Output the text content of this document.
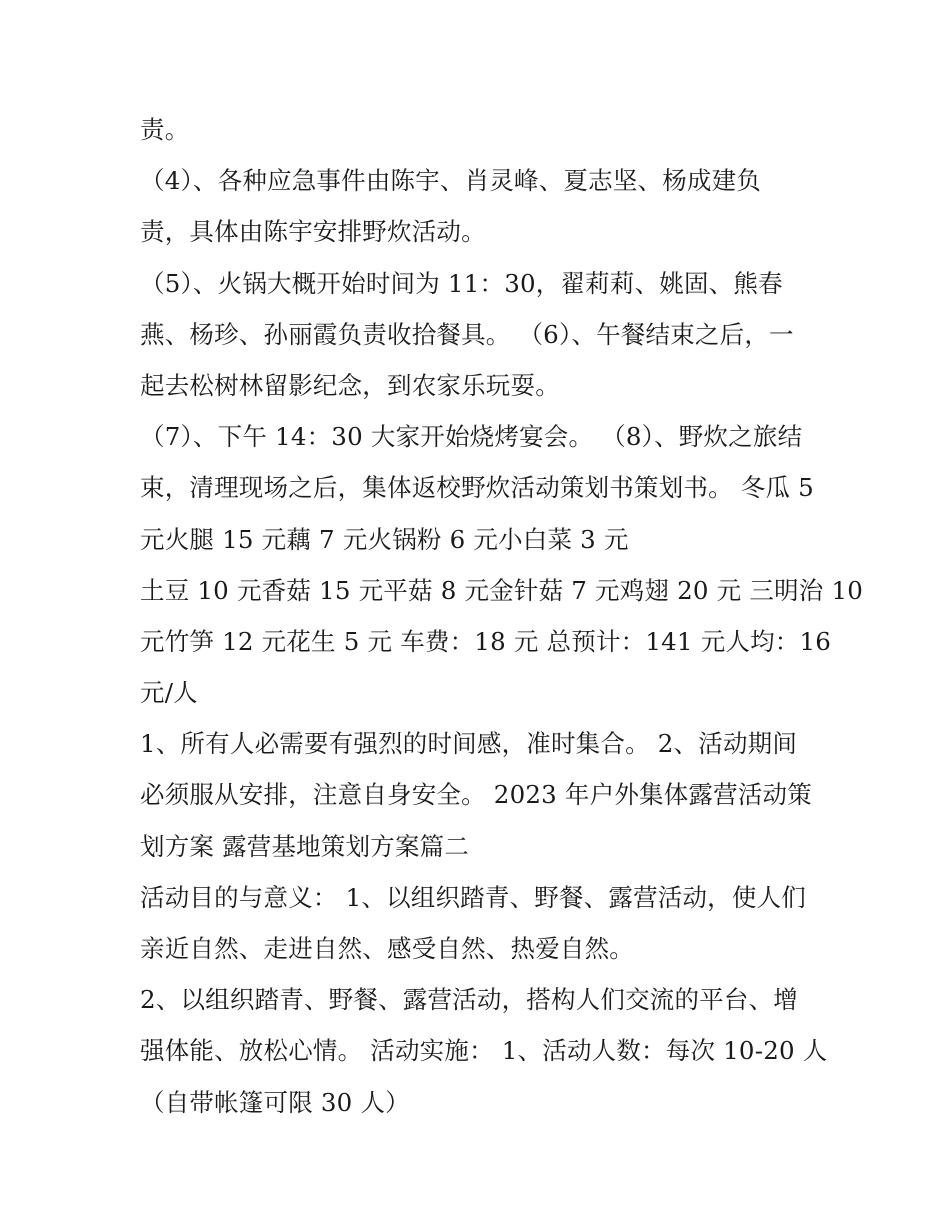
责。
（4）、各种应急事件由陈宇、肖灵峰、夏志坚、杨成建负
责，具体由陈宇安排野炊活动。
（5）、火锅大概开始时间为 11：30，翟莉莉、姚固、熊春
燕、杨珍、孙丽霞负责收拾餐具。 （6）、午餐结束之后，一
起去松树林留影纪念，到农家乐玩耍。
（7）、下午 14：30 大家开始烧烤宴会。 （8）、野炊之旅结
束，清理现场之后，集体返校野炊活动策划书策划书。 冬瓜 5
元火腿 15 元藕 7 元火锅粉 6 元小白菜 3 元
土豆 10 元香菇 15 元平菇 8 元金针菇 7 元鸡翅 20 元 三明治 10
元竹笋 12 元花生 5 元 车费：18 元 总预计：141 元人均：16
元/人
1、所有人必需要有强烈的时间感，准时集合。 2、活动期间
必须服从安排，注意自身安全。 2023 年户外集体露营活动策
划方案 露营基地策划方案篇二
活动目的与意义： 1、以组织踏青、野餐、露营活动，使人们
亲近自然、走进自然、感受自然、热爱自然。
2、以组织踏青、野餐、露营活动，搭构人们交流的平台、增
强体能、放松心情。 活动实施： 1、活动人数：每次 10-20 人
（自带帐篷可限 30 人）
